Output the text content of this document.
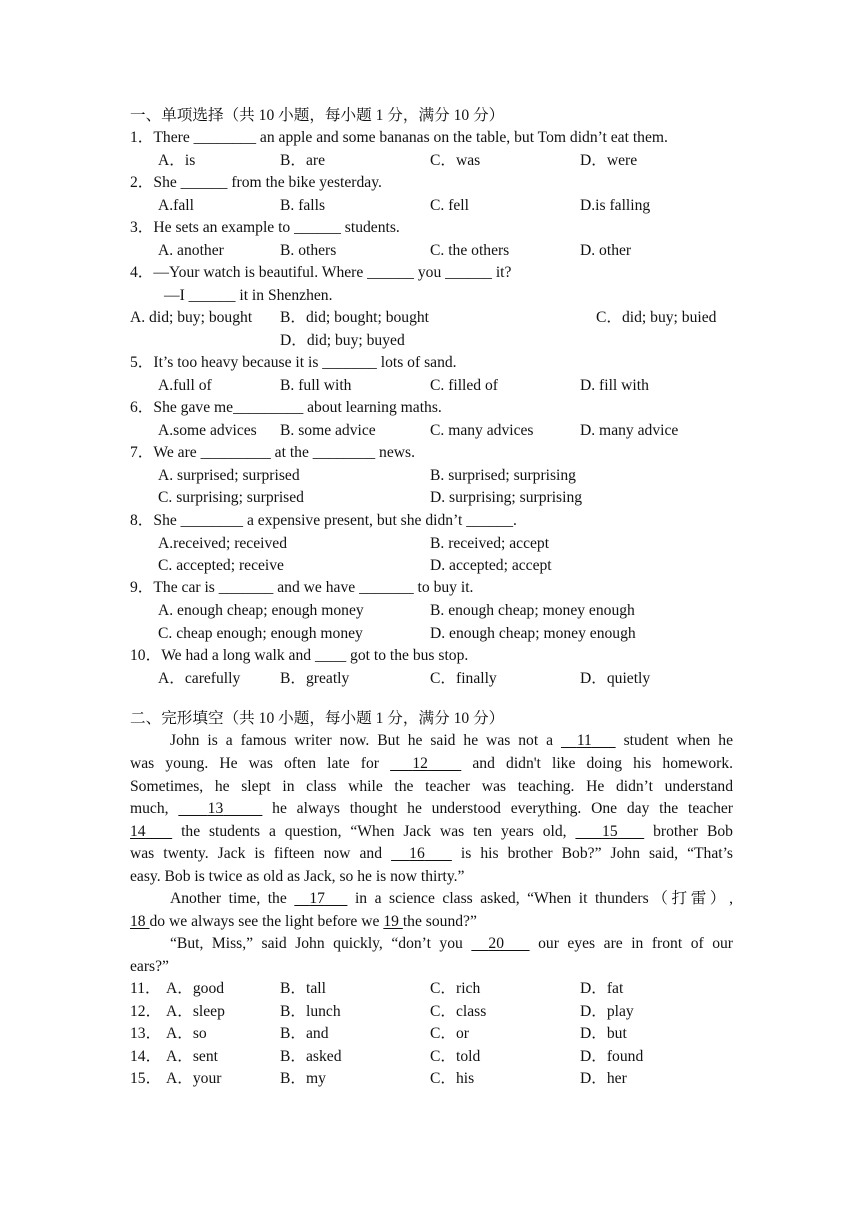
一、单项选择（共 10 小题，每小题 1 分，满分 10 分）
1．There ________ an apple and some bananas on the table, but Tom didn’t eat them.
A．is	B．are	C．was	D．were
2．She ______ from the bike yesterday.
A.fall	B. falls	C. fell	D.is falling
3．He sets an example to ______ students.
A. another	B. others	C. the others	D. other
4．—Your watch is beautiful. Where ______ you ______ it?
—I ______ it in Shenzhen.
A. did; buy; bought B．did; bought; bought	C．did; buy; buied
D．did; buy; buyed
5．It’s too heavy because it is _______ lots of sand.
A.full of	B. full with	C. filled of	D. fill with
6．She gave me_________ about learning maths.
A.some advices B. some advice	C. many advices	D. many advice
7．We are _________ at the ________ news.
A. surprised; surprised	B. surprised; surprising
C. surprising; surprised	D. surprising; surprising
8．She ________ a expensive present, but she didn’t ______.
A.received; received	B. received; accept
C. accepted; receive	D. accepted; accept
9．The car is _______ and we have _______ to buy it.
A. enough cheap; enough money	B. enough cheap; money enough
C. cheap enough; enough money	D. enough cheap; money enough
10．We had a long walk and ____ got to the bus stop.
A．carefully	B．greatly	C．finally	D．quietly
二、完形填空（共 10 小题，每小题 1 分，满分 10 分）
John is a famous writer now. But he said he was not a 11 student when he
was young. He was often late for 12	and didn't like doing his homework.
Sometimes, he slept in class while the teacher was teaching. He didn’t understand
much,	13	he always thought he understood everything. One day the teacher
14 the students a question, “When Jack was ten years old, 15 brother Bob
was twenty. Jack is fifteen now and 16 is his brother Bob?” John said, “That’s
easy. Bob is twice as old as Jack, so he is now thirty.”
Another time, the 17 in a science class asked, “When it thunders（打雷）,
18 do we always see the light before we 19 the sound?”
“But, Miss,” said John quickly, “don’t you 20 our eyes are in front of our
ears?”
11． A．good	B．tall	C．rich	D．fat
12． A．sleep	B．lunch	C．class	D．play
13． A．so	B．and	C．or	D．but
14． A．sent	B．asked	C．told	D．found
15． A．your	B．my	C．his	D．her
